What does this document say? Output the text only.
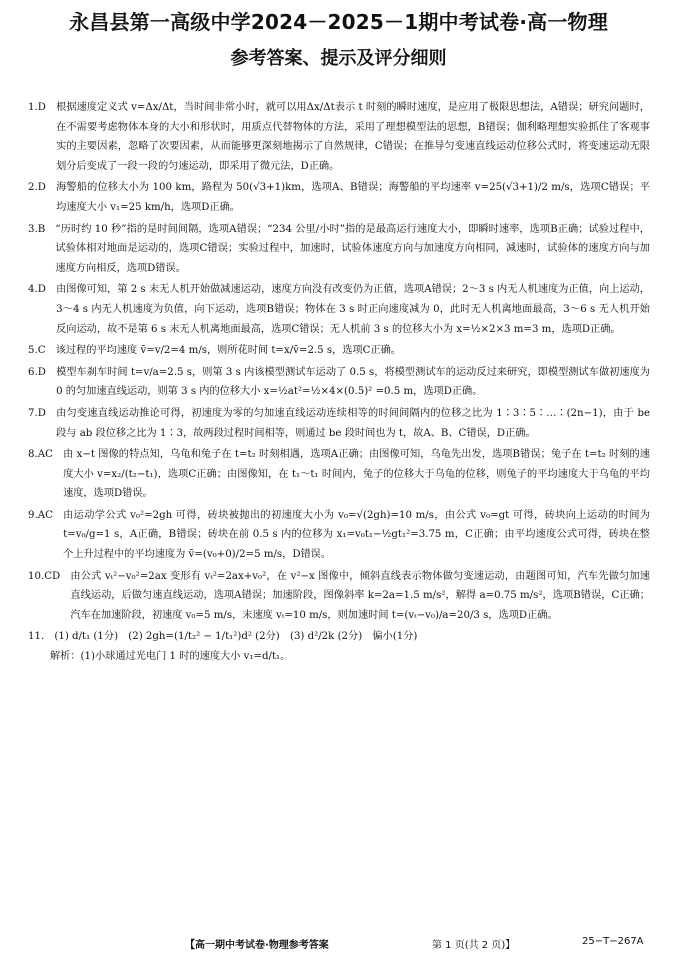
永昌县第一高级中学2024－2025－1期中考试卷·高一物理
参考答案、提示及评分细则
1.D　 根据速度定义式 v=Δx/Δt，当时间非常小时，就可以用Δx/Δt表示 t 时刻的瞬时速度，是应用了极限思想法，A错误；研究问题时，在不需要考虑物体本身的大小和形状时，用质点代替物体的方法，采用了理想模型法的思想，B错误；伽利略理想实验抓住了客观事实的主要因素，忽略了次要因素，从而能够更深刻地揭示了自然规律，C错误；在推导匀变速直线运动位移公式时，将变速运动无限划分后变成了一段一段的匀速运动，即采用了微元法，D正确。
2.D　 海警船的位移大小为 100 km，路程为 50(√3+1)km，选项A、B错误；海警船的平均速率 v=25(√3+1)/2 m/s，选项C错误；平均速度大小 v₁=25 km/h，选项D正确。
3.B　 “历时约 10 秒”指的是时间间隔，选项A错误；“234 公里/小时”指的是最高运行速度大小，即瞬时速率，选项B正确；试验过程中，试验体相对地面是运动的，选项C错误；实验过程中，加速时，试验体速度方向与加速度方向相同，减速时，试验体的速度方向与加速度方向相反，选项D错误。
4.D　 由图像可知，第 2 s 末无人机开始做减速运动，速度方向没有改变仍为正值，选项A错误；2～3 s 内无人机速度为正值，向上运动，3～4 s 内无人机速度为负值，向下运动，选项B错误；物体在 3 s 时正向速度减为 0，此时无人机离地面最高，3～6 s 无人机开始反向运动，故不是第 6 s 末无人机离地面最高，选项C错误；无人机前 3 s 的位移大小为 x=½×2×3 m=3 m，选项D正确。
5.C　 该过程的平均速度 v̄=v/2=4 m/s，则所花时间 t=x/v̄=2.5 s，选项C正确。
6.D　 模型车刹车时间 t=v/a=2.5 s，则第 3 s 内该模型测试车运动了 0.5 s，将模型测试车的运动反过来研究，即模型测试车做初速度为 0 的匀加速直线运动，则第 3 s 内的位移大小 x=½at²=½×4×(0.5)² =0.5 m，选项D正确。
7.D　 由匀变速直线运动推论可得，初速度为零的匀加速直线运动连续相等的时间间隔内的位移之比为 1∶3∶5∶…∶(2n−1)，由于 be 段与 ab 段位移之比为 1∶3，故两段过程时间相等，则通过 be 段时间也为 t，故A、B、C错误，D正确。
8.AC　 由 x−t 图像的特点知，乌龟和兔子在 t=t₂ 时刻相遇，选项A正确；由图像可知，乌龟先出发，选项B错误；兔子在 t=t₂ 时刻的速度大小 v=x₂/(t₂−t₁)，选项C正确；由图像知，在 t₁～t₁ 时间内，兔子的位移大于乌龟的位移，则兔子的平均速度大于乌龟的平均速度，选项D错误。
9.AC　 由运动学公式 v₀²=2gh 可得，砖块被抛出的初速度大小为 v₀=√(2gh)=10 m/s，由公式 v₀=gt 可得，砖块向上运动的时间为 t=v₀/g=1 s，A正确，B错误；砖块在前 0.5 s 内的位移为 x₁=v₀t₁−½gt₁²=3.75 m，C正确；由平均速度公式可得，砖块在整个上升过程中的平均速度为 v̄=(v₀+0)/2=5 m/s，D错误。
10.CD　 由公式 vₜ²−v₀²=2ax 变形有 vₜ²=2ax+v₀²，在 v²−x 图像中，倾斜直线表示物体做匀变速运动，由题图可知，汽车先做匀加速直线运动，后做匀速直线运动，选项A错误；加速阶段，图像斜率 k=2a=1.5 m/s²，解得 a=0.75 m/s²，选项B错误，C正确；汽车在加速阶段，初速度 v₀=5 m/s，末速度 vₜ=10 m/s，则加速时间 t=(vₜ−v₀)/a=20/3 s，选项D正确。
11.　 (1) d/t₁ (1分)　(2) 2gh=(1/t₂² − 1/t₁²)d² (2分)　(3) d²/2k (2分)　偏小(1分)
解析：(1)小球通过光电门 1 时的速度大小 v₁=d/t₁。
【高一期中考试卷·物理参考答案	第 1 页(共 2 页)】	25−T−267A
